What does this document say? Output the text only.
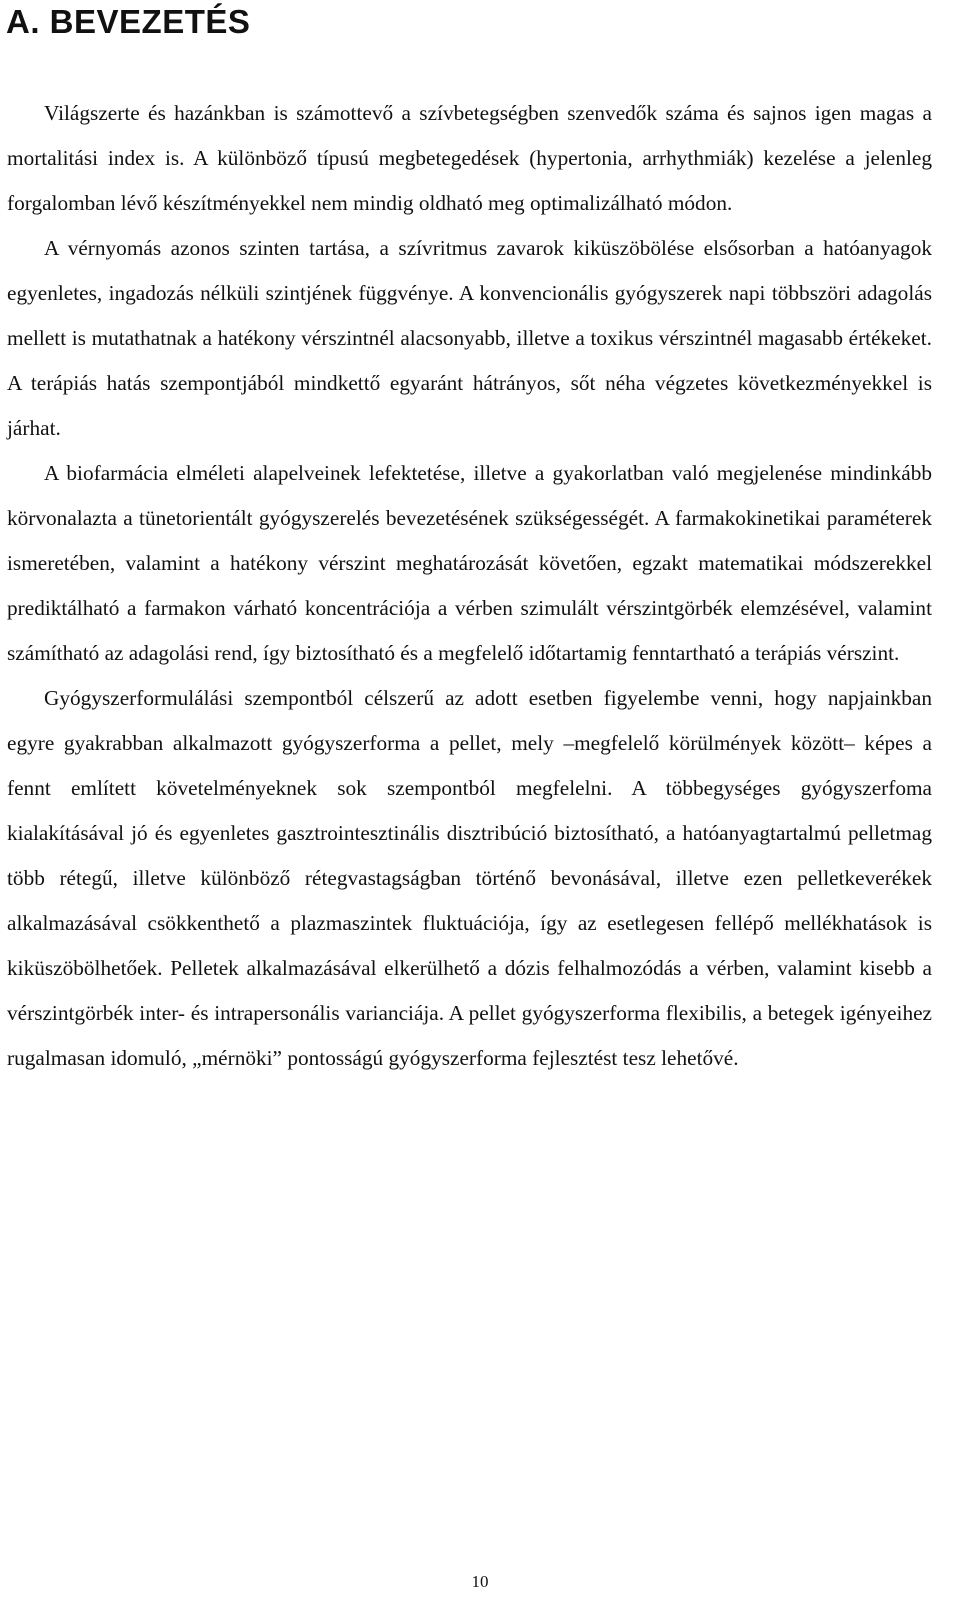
A. BEVEZETÉS

Világszerte és hazánkban is számottevő a szívbetegségben szenvedők száma és sajnos igen magas a mortalitási index is. A különböző típusú megbetegedések (hypertonia, arrhythmiák) kezelése a jelenleg forgalomban lévő készítményekkel nem mindig oldható meg optimalizálható módon.

A vérnyomás azonos szinten tartása, a szívritmus zavarok kiküszöbölése elsősorban a hatóanyagok egyenletes, ingadozás nélküli szintjének függvénye. A konvencionális gyógyszerek napi többszöri adagolás mellett is mutathatnak a hatékony vérszintnél alacsonyabb, illetve a toxikus vérszintnél magasabb értékeket. A terápiás hatás szempontjából mindkettő egyaránt hátrányos, sőt néha végzetes következményekkel is járhat.

A biofarmácia elméleti alapelveinek lefektetése, illetve a gyakorlatban való megjelenése mindinkább körvonalazta a tünetorientált gyógyszerelés bevezetésének szükségességét. A farmakokinetikai paraméterek ismeretében, valamint a hatékony vérszint meghatározását követően, egzakt matematikai módszerekkel prediktálható a farmakon várható koncentrációja a vérben szimulált vérszintgörbék elemzésével, valamint számítható az adagolási rend, így biztosítható és a megfelelő időtartamig fenntartható a terápiás vérszint.

Gyógyszerformulálási szempontból célszerű az adott esetben figyelembe venni, hogy napjainkban egyre gyakrabban alkalmazott gyógyszerforma a pellet, mely –megfelelő körülmények között– képes a fennt említett követelményeknek sok szempontból megfelelni. A többegységes gyógyszerfoma kialakításával jó és egyenletes gasztrointesztinális disztribúció biztosítható, a hatóanyagtartalmú pelletmag több rétegű, illetve különböző rétegvastagságban történő bevonásával, illetve ezen pelletkeverékek alkalmazásával csökkenthető a plazmaszintek fluktuációja, így az esetlegesen fellépő mellékhatások is kiküszöbölhetőek. Pelletek alkalmazásával elkerülhető a dózis felhalmozódás a vérben, valamint kisebb a vérszintgörbék inter- és intrapersonális varianciája. A pellet gyógyszerforma flexibilis, a betegek igényeihez rugalmasan idomuló, „mérnöki” pontosságú gyógyszerforma fejlesztést tesz lehetővé.

10
